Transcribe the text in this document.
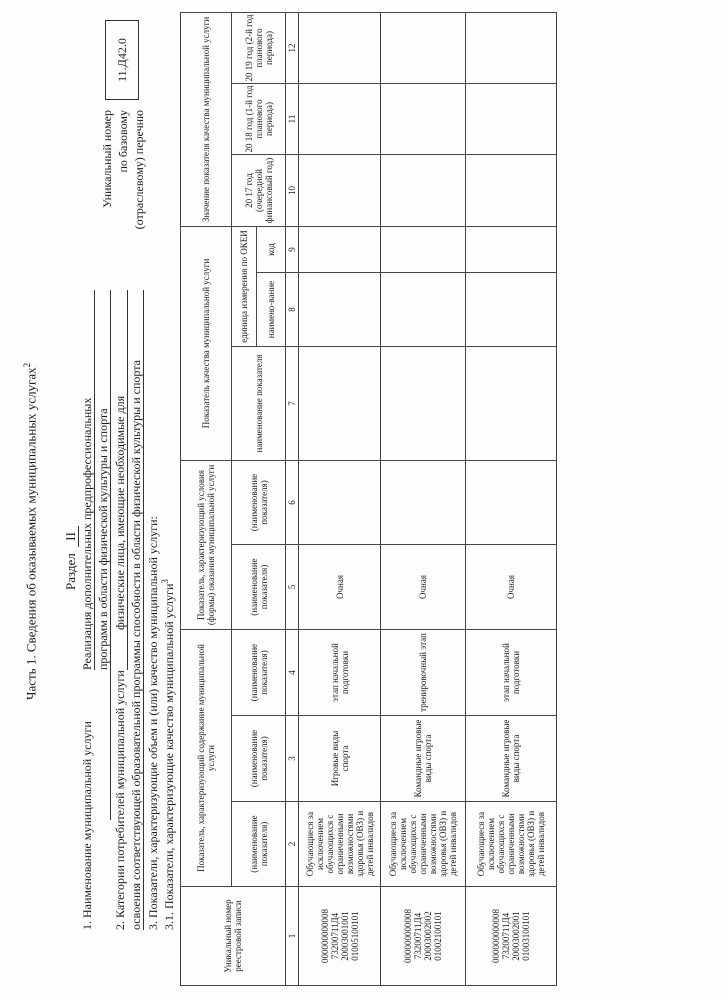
Часть 1. Сведения об оказываемых муниципальных услугах$^2$
Раздел  II
1. Наименование муниципальной услуги
Реализация дополнительных предпрофессиональных программ в области физической культуры и спорта
2. Категории потребителей муниципальной услуги
физические лица, имеющие необходимые для освоения соответствующей образовательной программы способности в области физической культуры и спорта 3. Показатели, характеризующие объем и (или) качество муниципальной услуги: 3.1. Показатели, характеризующие качество муниципальной услуги$^3$
Уникальный номер по базовому (отраслевому) перечню
11.Д42.0
Уникальный номер реестровой записи
Показатель, характеризующий содержание муниципальной услуги
Показатель, характеризующий условия (формы) оказания муниципальной услуги
Показатель качества муниципальной услуги
Значение показателя качества муниципальной услуги
(наименование показателя)
(наименование показателя)
(наименование показателя)
(наименование показателя)
(наименование показателя)
наименование показателя
единица измерения по ОКЕИ наимено-вание
код
20 17 год (очередной финансовый год)
20 18 год (1-й год планового периода)
20 19 год (2-й год планового периода)
1
2
3
4
5
6
7
8
9
10
11
12
000000000008 73200711Д4 20003001001 01005100101
Обучающиеся за исключением обучающихся с ограниченными возможностями здоровья (ОВЗ) и детей инвалидов
Игровые виды спорта
этап начальной подготовки
Очная
000000000008 73200711Д4 20003002002 01002100101
Обучающиеся за исключением обучающихся с ограниченными возможностями здоровья (ОВЗ) и детей инвалидов
Командные игровые виды спорта
тренировочный этап
Очная
000000000008 73200711Д4 20003002001 01003100101
Обучающиеся за исключением обучающихся с ограниченными возможностями здоровья (ОВЗ) и детей инвалидов
Командные игровые виды спорта
этап начальной подготовки
Очная
